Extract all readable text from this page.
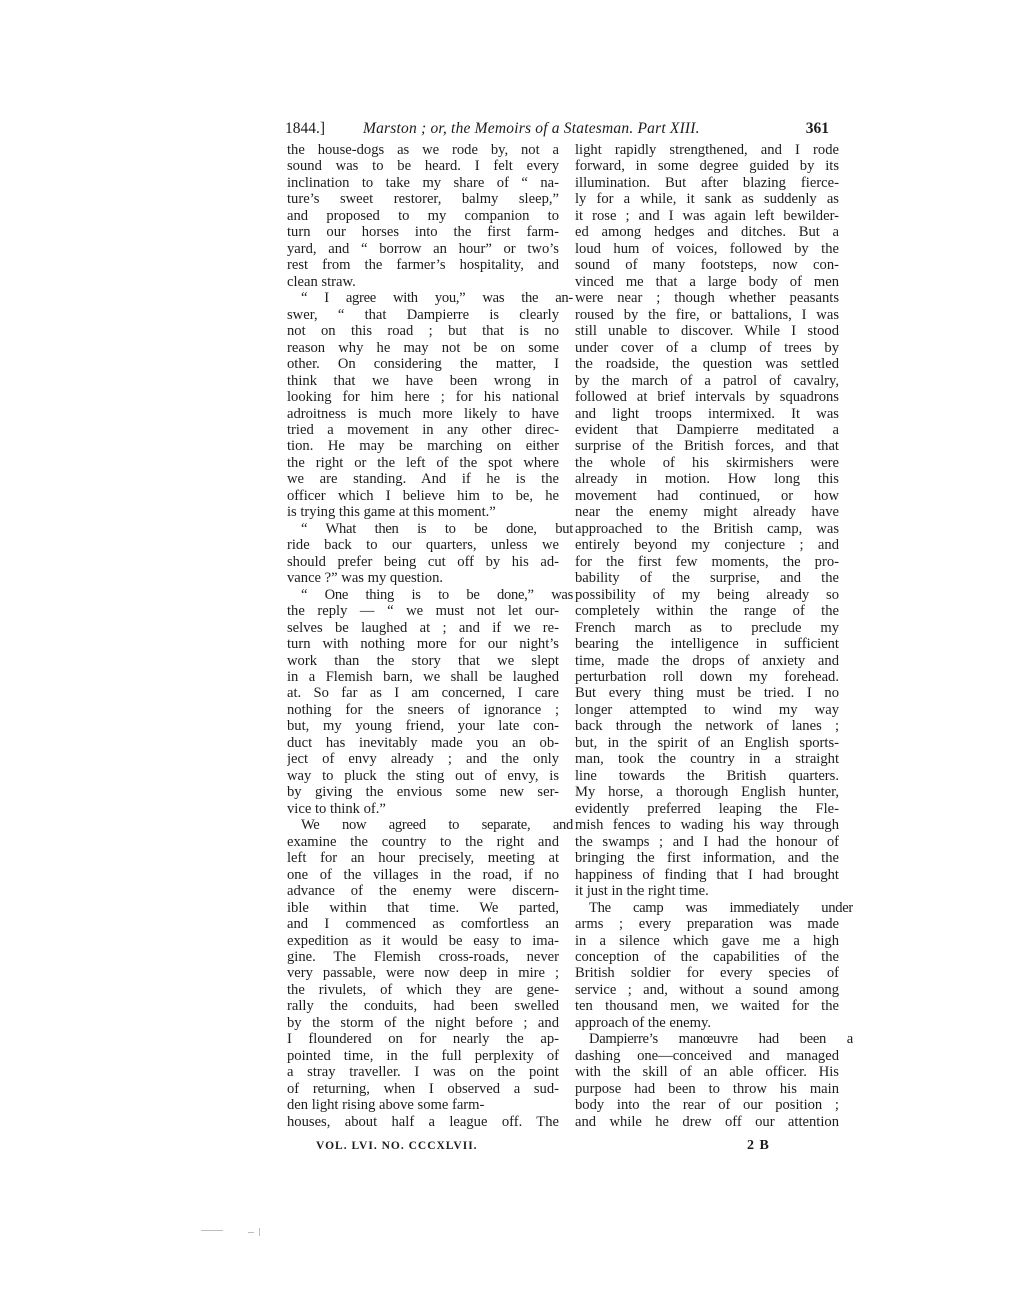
1844.] Marston ; or, the Memoirs of a Statesman. Part XIII.	361
the house-dogs as we rode by, not a
sound was to be heard. I felt every
inclination to take my share of “ na-
ture’s sweet restorer, balmy sleep,”
and proposed to my companion to
turn our horses into the first farm-
yard, and “ borrow an hour” or two’s
rest from the farmer’s hospitality, and
clean straw.
“ I agree with you,” was the an-
swer, “ that Dampierre is clearly
not on this road ; but that is no
reason why he may not be on some
other. On considering the matter, I
think that we have been wrong in
looking for him here ; for his national
adroitness is much more likely to have
tried a movement in any other direc-
tion. He may be marching on either
the right or the left of the spot where
we are standing. And if he is the
officer which I believe him to be, he
is trying this game at this moment.”
“ What then is to be done, but
ride back to our quarters, unless we
should prefer being cut off by his ad-
vance ?” was my question.
“ One thing is to be done,” was
the reply — “ we must not let our-
selves be laughed at ; and if we re-
turn with nothing more for our night’s
work than the story that we slept
in a Flemish barn, we shall be laughed
at. So far as I am concerned, I care
nothing for the sneers of ignorance ;
but, my young friend, your late con-
duct has inevitably made you an ob-
ject of envy already ; and the only
way to pluck the sting out of envy, is
by giving the envious some new ser-
vice to think of.”
We now agreed to separate, and
examine the country to the right and
left for an hour precisely, meeting at
one of the villages in the road, if no
advance of the enemy were discern-
ible within that time. We parted,
and I commenced as comfortless an
expedition as it would be easy to ima-
gine. The Flemish cross-roads, never
very passable, were now deep in mire ;
the rivulets, of which they are gene-
rally the conduits, had been swelled
by the storm of the night before ; and
I floundered on for nearly the ap-
pointed time, in the full perplexity of
a stray traveller. I was on the point
of returning, when I observed a sud-
den light rising above some farm-
houses, about half a league off. The
light rapidly strengthened, and I rode
forward, in some degree guided by its
illumination. But after blazing fierce-
ly for a while, it sank as suddenly as
it rose ; and I was again left bewilder-
ed among hedges and ditches. But a
loud hum of voices, followed by the
sound of many footsteps, now con-
vinced me that a large body of men
were near ; though whether peasants
roused by the fire, or battalions, I was
still unable to discover. While I stood
under cover of a clump of trees by
the roadside, the question was settled
by the march of a patrol of cavalry,
followed at brief intervals by squadrons
and light troops intermixed. It was
evident that Dampierre meditated a
surprise of the British forces, and that
the whole of his skirmishers were
already in motion. How long this
movement had continued, or how
near the enemy might already have
approached to the British camp, was
entirely beyond my conjecture ; and
for the first few moments, the pro-
bability of the surprise, and the
possibility of my being already so
completely within the range of the
French march as to preclude my
bearing the intelligence in sufficient
time, made the drops of anxiety and
perturbation roll down my forehead.
But every thing must be tried. I no
longer attempted to wind my way
back through the network of lanes ;
but, in the spirit of an English sports-
man, took the country in a straight
line towards the British quarters.
My horse, a thorough English hunter,
evidently preferred leaping the Fle-
mish fences to wading his way through
the swamps ; and I had the honour of
bringing the first information, and the
happiness of finding that I had brought
it just in the right time.
The camp was immediately under
arms ; every preparation was made
in a silence which gave me a high
conception of the capabilities of the
British soldier for every species of
service ; and, without a sound among
ten thousand men, we waited for the
approach of the enemy.
Dampierre’s manœuvre had been a
dashing one—conceived and managed
with the skill of an able officer. His
purpose had been to throw his main
body into the rear of our position ;
and while he drew off our attention
VOL. LVI. NO. CCCXLVII.	2 B
